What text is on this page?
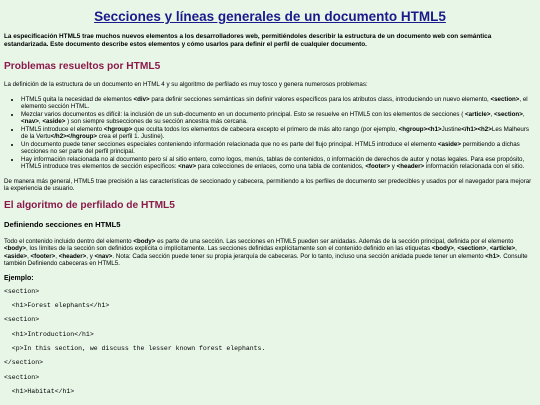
Secciones y líneas generales de un documento HTML5

La especificación HTML5 trae muchos nuevos elementos a los desarrolladores web, permitiéndoles describir la estructura de un documento web con semántica estandarizada. Este documento describe estos elementos y cómo usarlos para definir el perfil de cualquier documento.

Problemas resueltos por HTML5

La definición de la estructura de un documento en HTML 4 y su algoritmo de perfilado es muy tosco y genera numerosos problemas:

• HTML5 quita la necesidad de elementos <div> para definir secciones semánticas sin definir valores específicos para los atributos class, introduciendo un nuevo elemento, <section>, el elemento sección HTML.
• Mezclar varios documentos es difícil: la inclusión de un sub-documento en un documento principal. Esto se resuelve en HTML5 con los elementos de secciones ( <article>, <section>, <nav>, <aside> ) son siempre subsecciones de su sección ancestra más cercana.
• HTML5 introduce el elemento <hgroup> que oculta todos los elementos de cabecera excepto el primero de más alto rango (por ejemplo, <hgroup><h1>Justine</h1><h2>Les Malheurs de la Vertu</h2></hgroup> crea el perfil 1. Justine).
• Un documento puede tener secciones especiales conteniendo información relacionada que no es parte del flujo principal. HTML5 introduce el elemento <aside> permitiendo a dichas secciones no ser parte del perfil principal.
• Hay información relacionada no al documento pero sí al sitio entero, como logos, menús, tablas de contenidos, o información de derechos de autor y notas legales. Para ese propósito, HTML5 introduce tres elementos de sección específicos: <nav> para colecciones de enlaces, como una tabla de contenidos, <footer> y <header> información relacionada con el sitio.

De manera más general, HTML5 trae precisión a las características de seccionado y cabecera, permitiendo a los perfiles de documento ser predecibles y usados por el navegador para mejorar la experiencia de usuario.

El algoritmo de perfilado de HTML5
Definiendo secciones en HTML5

Todo el contenido incluido dentro del elemento <body> es parte de una sección. Las secciones en HTML5 pueden ser anidadas. Además de la sección principal, definida por el elemento <body>, los límites de la sección son definidos explícita o implícitamente. Las secciones definidas explícitamente son el contenido definido en las etiquetas <body>, <section>, <article>, <aside>, <footer>, <header>, y <nav>. Nota: Cada sección puede tener su propia jerarquía de cabeceras. Por lo tanto, incluso una sección anidada puede tener un elemento <h1>. Consulte también Definiendo cabeceras en HTML5.

Ejemplo:
<section>
<h1>Forest elephants</h1>
<section>
<h1>Introduction</h1>
<p>In this section, we discuss the lesser known forest elephants.
</section>
<section>
<h1>Habitat</h1>
